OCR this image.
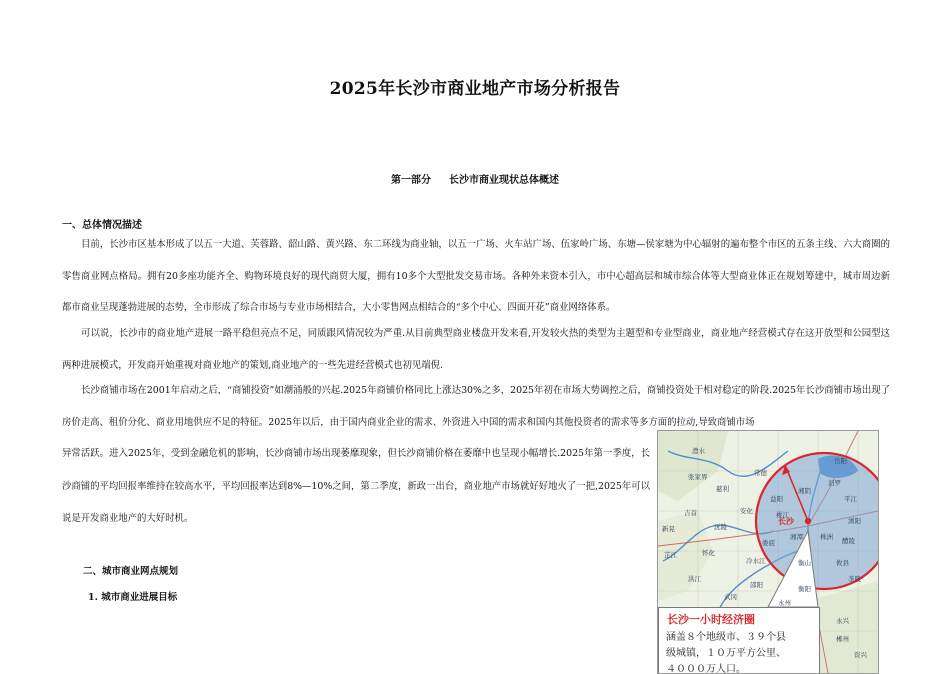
2025年长沙市商业地产市场分析报告
第一部分 长沙市商业现状总体概述
一、总体情况描述

目前，长沙市区基本形成了以五一大道、芙蓉路、韶山路、黄兴路、东二环线为商业轴，以五一广场、火车站广场、伍家岭广场、东塘—侯家塘为中心辐射的遍布整个市区的五条主线、六大商圈的零售商业网点格局。拥有20多座功能齐全、购物环境良好的现代商贸大厦，拥有10多个大型批发交易市场。各种外来资本引入，市中心超高层和城市综合体等大型商业体正在规划筹建中，城市周边新都市商业呈现蓬勃进展的态势，全市形成了综合市场与专业市场相结合，大小零售网点相结合的“多个中心、四面开花”商业网络体系。

可以说，长沙市的商业地产进展一路平稳但亮点不足，同质跟风情况较为严重.从目前典型商业楼盘开发来看,开发较火热的类型为主题型和专业型商业，商业地产经营模式存在这开放型和公园型这两种进展模式，开发商开始重视对商业地产的策划,商业地产的一些先进经营模式也初见端倪.

长沙商铺市场在2001年启动之后，“商铺投资”如潮涌般的兴起.2025年商铺价格同比上涨达30%之多，2025年初在市场大势调控之后，商铺投资处于相对稳定的阶段.2025年长沙商铺市场出现了房价走高、租价分化、商业用地供应不足的特征。2025年以后，由于国内商业企业的需求、外资进入中国的需求和国内其他投资者的需求等多方面的拉动,导致商铺市场

异常活跃。进入2025年，受到金融危机的影响，长沙商铺市场出现萎靡现象，但长沙商铺价格在萎靡中也呈现小幅增长.2025年第一季度，长沙商铺的平均回报率维持在较高水平，平均回报率达到8%—10%之间，第二季度，新政一出台，商业地产市场就好好地火了一把,2025年可以说是开发商业地产的大好时机。

二、城市商业网点规划
1. 城市商业进展目标
澧水
张家界
慈利
吉首
沅陵
怀化
芷江
新晃
洪江
邵阳
益阳
常德
岳阳
湘阴
汨罗
平江
浏阳
湘潭	株洲
衡山
衡阳
醴陵
攸县
茶陵
永兴
郴州
娄底
冷水江
武冈
永州
资兴
安化	桃江
长沙
长沙一小时经济圈
涵盖８个地级市、３９个县
级城镇，１０万平方公里、
４０００万人口。
